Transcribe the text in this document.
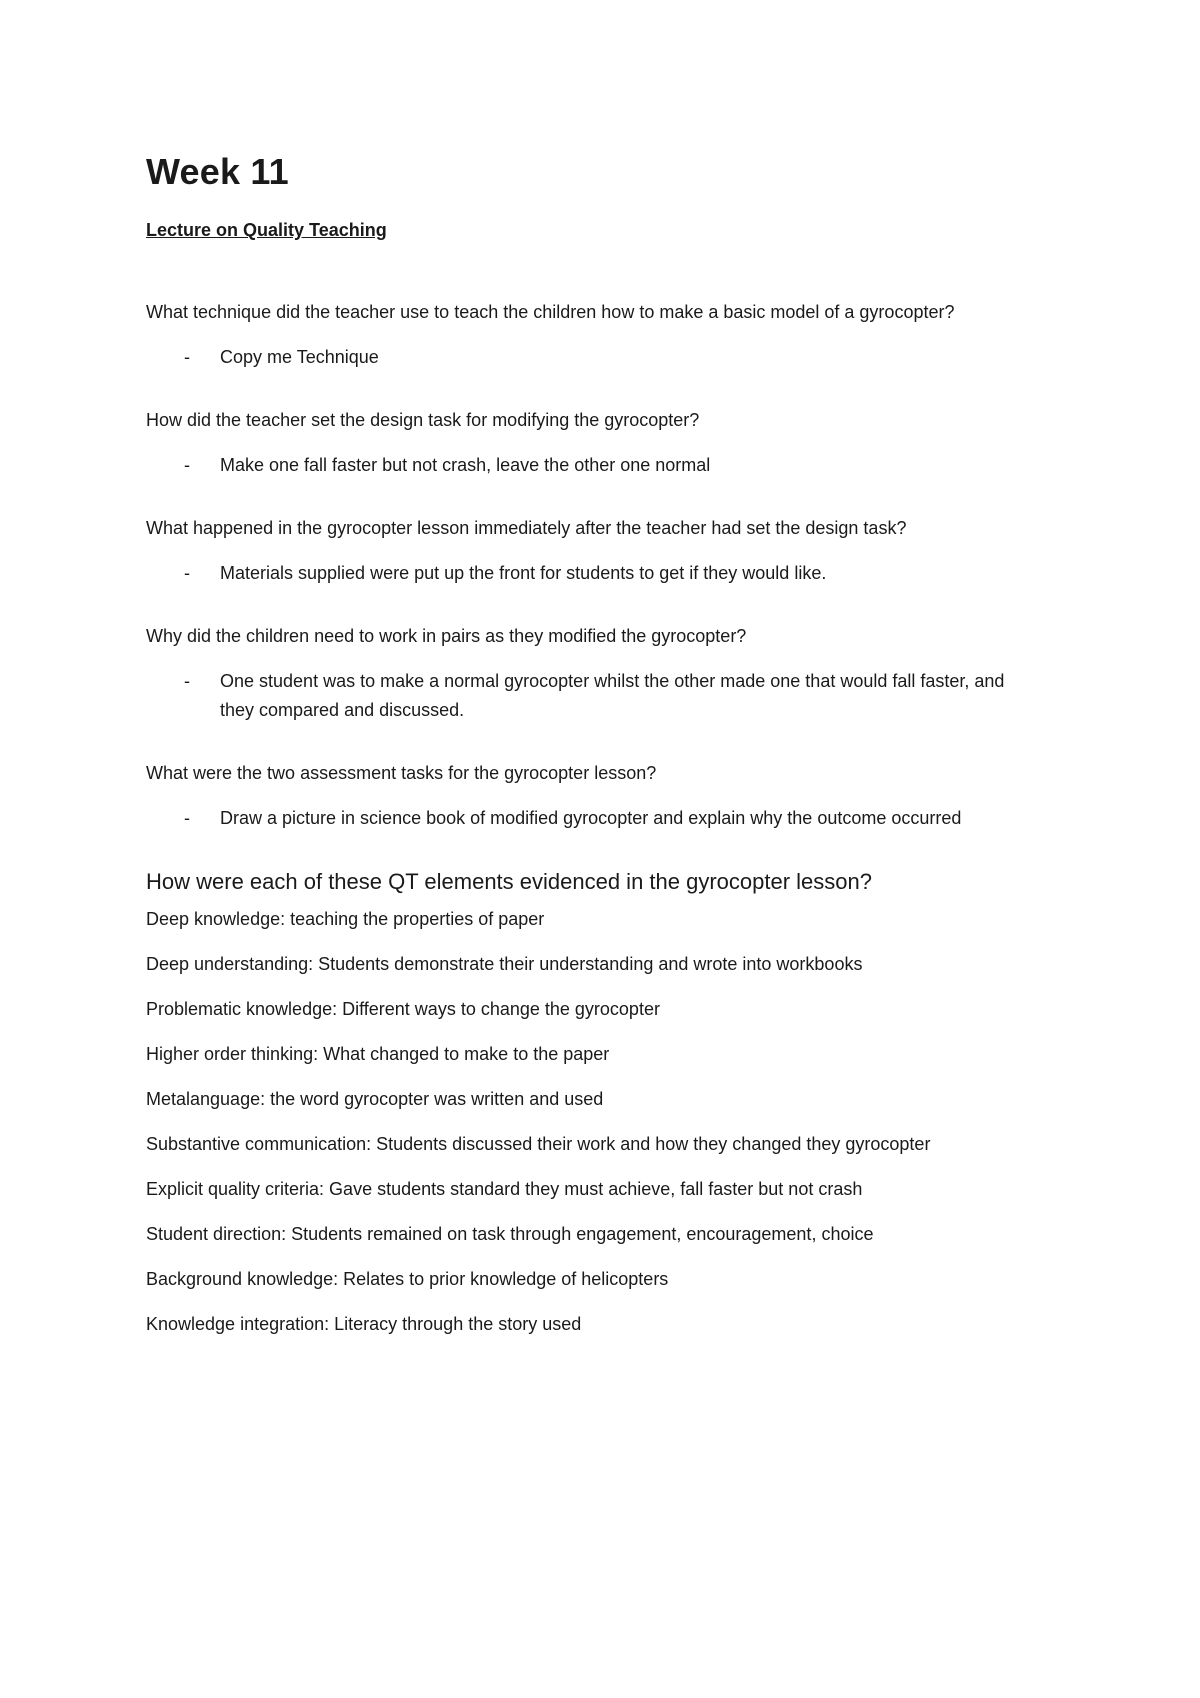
Week 11
Lecture on Quality Teaching

What technique did the teacher use to teach the children how to make a basic model of a gyrocopter?

-	Copy me Technique

How did the teacher set the design task for modifying the gyrocopter?

-	Make one fall faster but not crash, leave the other one normal

What happened in the gyrocopter lesson immediately after the teacher had set the design task?

-	Materials supplied were put up the front for students to get if they would like.

Why did the children need to work in pairs as they modified the gyrocopter?

-	One student was to make a normal gyrocopter whilst the other made one that would fall faster, and they compared and discussed.

What were the two assessment tasks for the gyrocopter lesson?

-	Draw a picture in science book of modified gyrocopter and explain why the outcome occurred
How were each of these QT elements evidenced in the gyrocopter lesson?
Deep knowledge: teaching the properties of paper
Deep understanding: Students demonstrate their understanding and wrote into workbooks
Problematic knowledge: Different ways to change the gyrocopter
Higher order thinking: What changed to make to the paper
Metalanguage: the word gyrocopter was written and used
Substantive communication: Students discussed their work and how they changed they gyrocopter
Explicit quality criteria: Gave students standard they must achieve, fall faster but not crash
Student direction: Students remained on task through engagement, encouragement, choice
Background knowledge: Relates to prior knowledge of helicopters
Knowledge integration: Literacy through the story used
